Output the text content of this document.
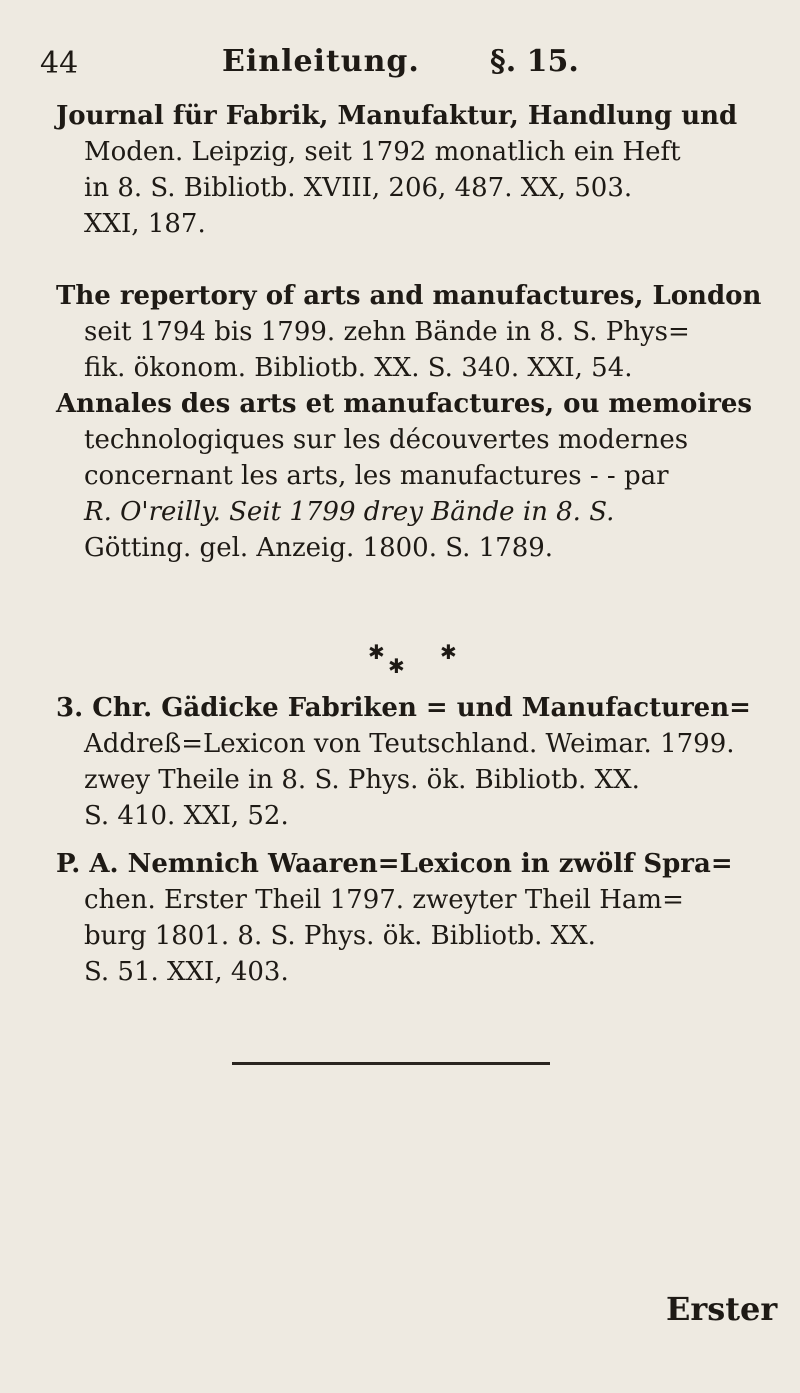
44	Einleitung. §. 15.
Journal für Fabrik, Manufaktur, Handlung und
Moden. Leipzig, seit 1792 monatlich ein Heft
in 8. S. Bibliotb. XVIII, 206, 487. XX, 503.
XXI, 187.
The repertory of arts and manufactures, London
seit 1794 bis 1799. zehn Bände in 8. S. Phys=
fik. ökonom. Bibliotb. XX. S. 340. XXI, 54.
Annales des arts et manufactures, ou memoires
technologiques sur les découvertes modernes
concernant les arts, les manufactures - - par
R. O'reilly. Seit 1799 drey Bände in 8. S.
Götting. gel. Anzeig. 1800. S. 1789.
✱
✱
✱
3. Chr. Gädicke Fabriken = und Manufacturen=
Addreß=Lexicon von Teutschland. Weimar. 1799.
zwey Theile in 8. S. Phys. ök. Bibliotb. XX.
S. 410. XXI, 52.
P. A. Nemnich Waaren=Lexicon in zwölf Spra=
chen. Erster Theil 1797. zweyter Theil Ham=
burg 1801. 8. S. Phys. ök. Bibliotb. XX.
S. 51. XXI, 403.
Erster
